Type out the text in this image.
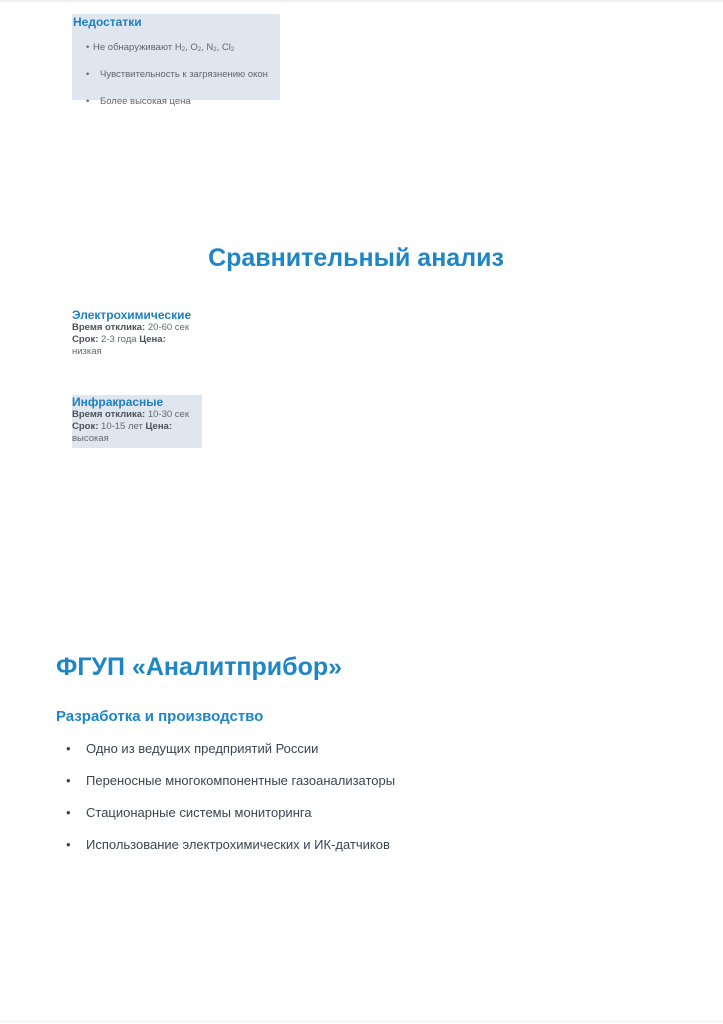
Недостатки
• Не обнаруживают $H_2$, $O_2$, $N_2$, $Cl_2$
• Чувствительность к загрязнению окон
• Более высокая цена
Сравнительный анализ
Электрохимические
Время отклика: 20-60 сек
Срок: 2-3 года Цена:
низкая
Инфракрасные
Время отклика: 10-30 сек
Срок: 10-15 лет Цена:
высокая
ФГУП «Аналитприбор»
Разработка и производство
• Одно из ведущих предприятий России
• Переносные многокомпонентные газоанализаторы
• Стационарные системы мониторинга
• Использование электрохимических и ИК-датчиков
